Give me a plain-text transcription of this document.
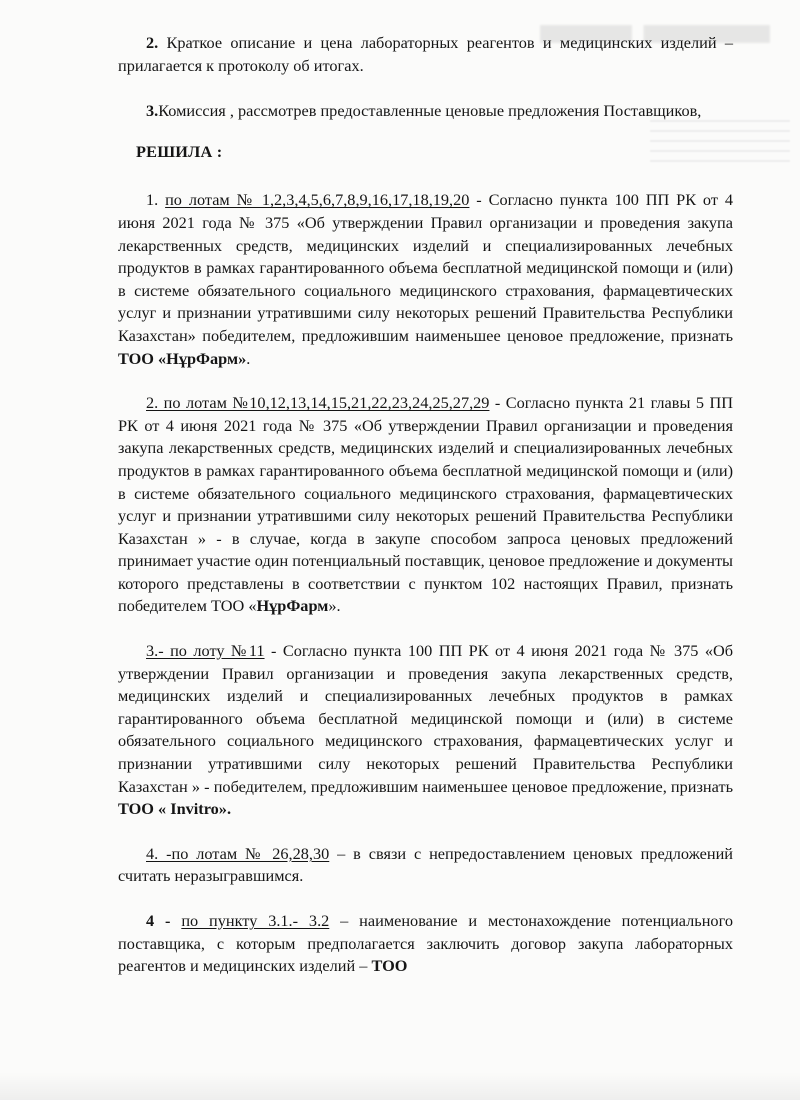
2. Краткое описание и цена лабораторных реагентов и медицинских изделий – прилагается к протоколу об итогах.

3.Комиссия , рассмотрев предоставленные ценовые предложения Поставщиков,

РЕШИЛА :

1. по лотам № 1,2,3,4,5,6,7,8,9,16,17,18,19,20 - Согласно пункта 100 ПП РК от 4 июня 2021 года № 375 «Об утверждении Правил организации и проведения закупа лекарственных средств, медицинских изделий и специализированных лечебных продуктов в рамках гарантированного объема бесплатной медицинской помощи и (или) в системе обязательного социального медицинского страхования, фармацевтических услуг и признании утратившими силу некоторых решений Правительства Республики Казахстан» победителем, предложившим наименьшее ценовое предложение, признать ТОО «НұрФарм».

2. по лотам №10,12,13,14,15,21,22,23,24,25,27,29 - Согласно пункта 21 главы 5 ПП РК от 4 июня 2021 года № 375 «Об утверждении Правил организации и проведения закупа лекарственных средств, медицинских изделий и специализированных лечебных продуктов в рамках гарантированного объема бесплатной медицинской помощи и (или) в системе обязательного социального медицинского страхования, фармацевтических услуг и признании утратившими силу некоторых решений Правительства Республики Казахстан » - в случае, когда в закупе способом запроса ценовых предложений принимает участие один потенциальный поставщик, ценовое предложение и документы которого представлены в соответствии с пунктом 102 настоящих Правил, признать победителем ТОО «НұрФарм».

3.- по лоту №11 - Согласно пункта 100 ПП РК от 4 июня 2021 года № 375 «Об утверждении Правил организации и проведения закупа лекарственных средств, медицинских изделий и специализированных лечебных продуктов в рамках гарантированного объема бесплатной медицинской помощи и (или) в системе обязательного социального медицинского страхования, фармацевтических услуг и признании утратившими силу некоторых решений Правительства Республики Казахстан » - победителем, предложившим наименьшее ценовое предложение, признать ТОО « Invitro».

4. -по лотам № 26,28,30 – в связи с непредоставлением ценовых предложений считать неразыгравшимся.

4 - по пункту 3.1.- 3.2 – наименование и местонахождение потенциального поставщика, с которым предполагается заключить договор закупа лабораторных реагентов и медицинских изделий – ТОО
